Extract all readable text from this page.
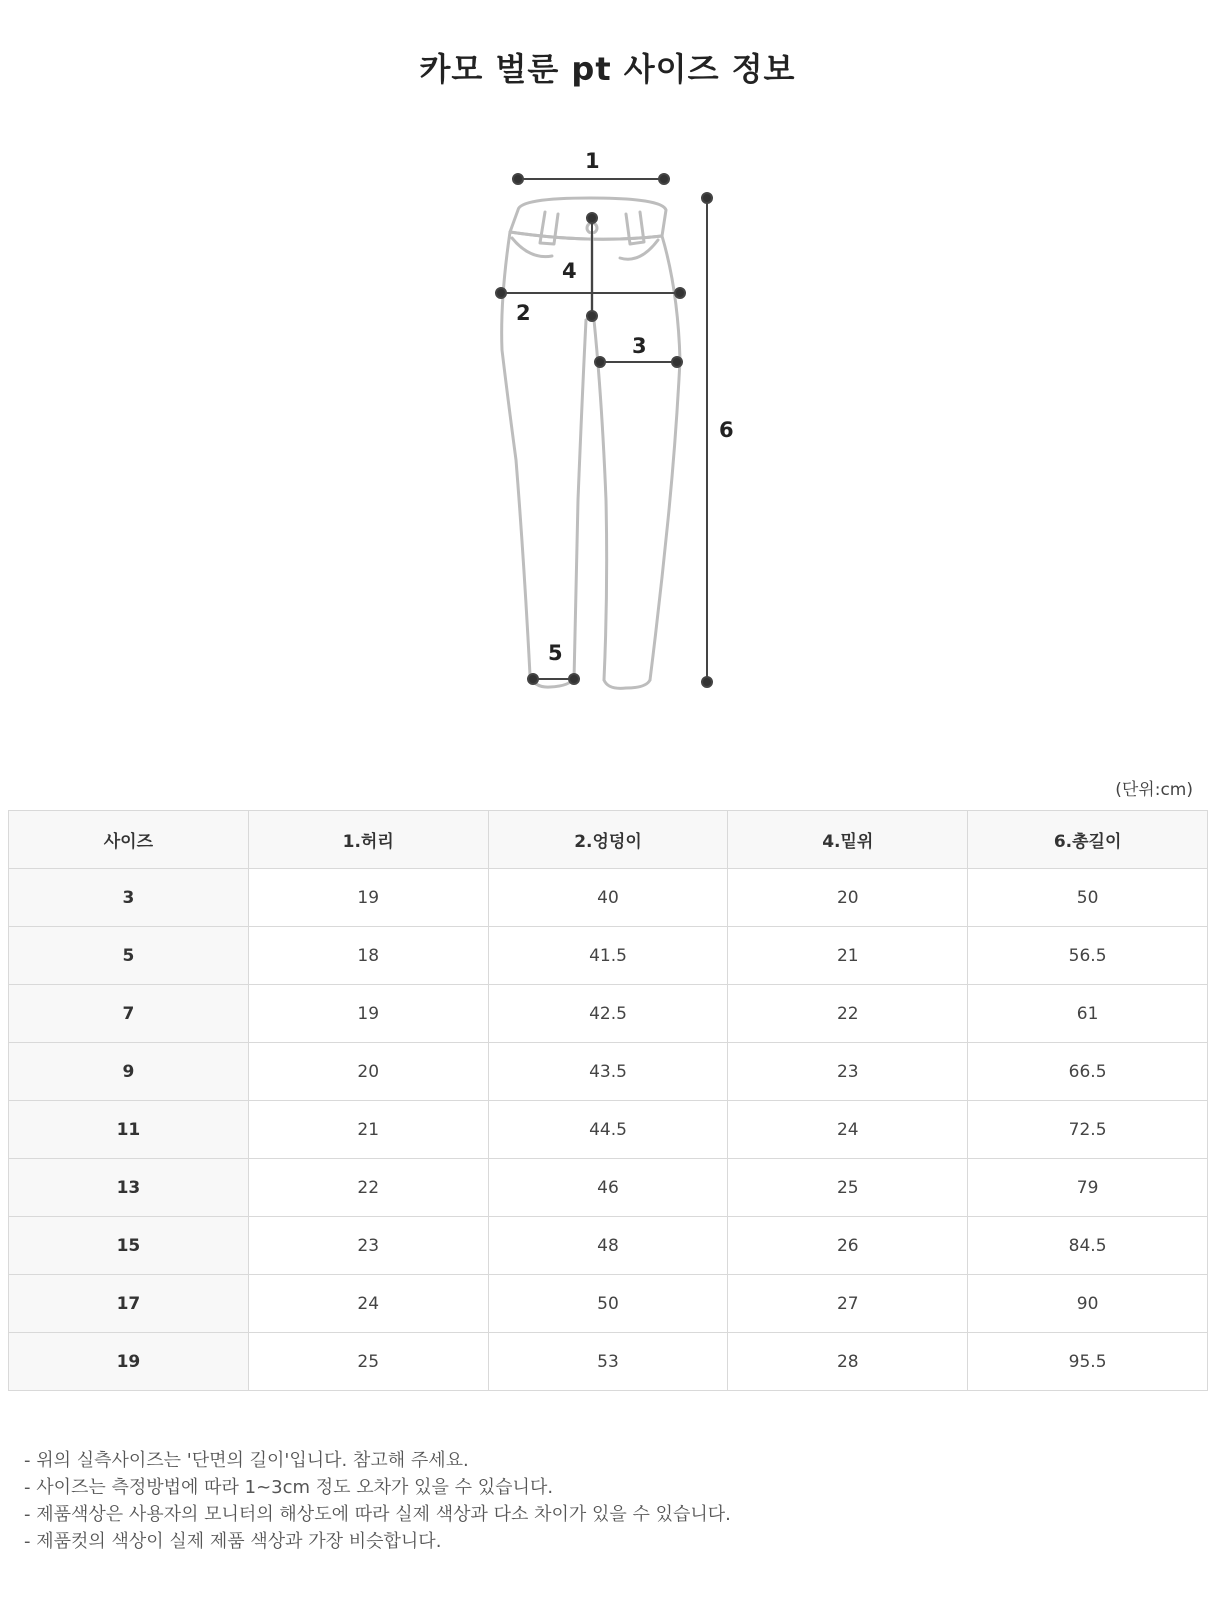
카모 벌룬 pt 사이즈 정보
1
2
3
4
5
6
(단위:cm)
사이즈	1.허리	2.엉덩이	4.밑위	6.총길이
3	19	40	20	50
5	18	41.5	21	56.5
7	19	42.5	22	61
9	20	43.5	23	66.5
11	21	44.5	24	72.5
13	22	46	25	79
15	23	48	26	84.5
17	24	50	27	90
19	25	53	28	95.5
- 위의 실측사이즈는 '단면의 길이'입니다. 참고해 주세요.
- 사이즈는 측정방법에 따라 1~3cm 정도 오차가 있을 수 있습니다.
- 제품색상은 사용자의 모니터의 해상도에 따라 실제 색상과 다소 차이가 있을 수 있습니다.
- 제품컷의 색상이 실제 제품 색상과 가장 비슷합니다.
